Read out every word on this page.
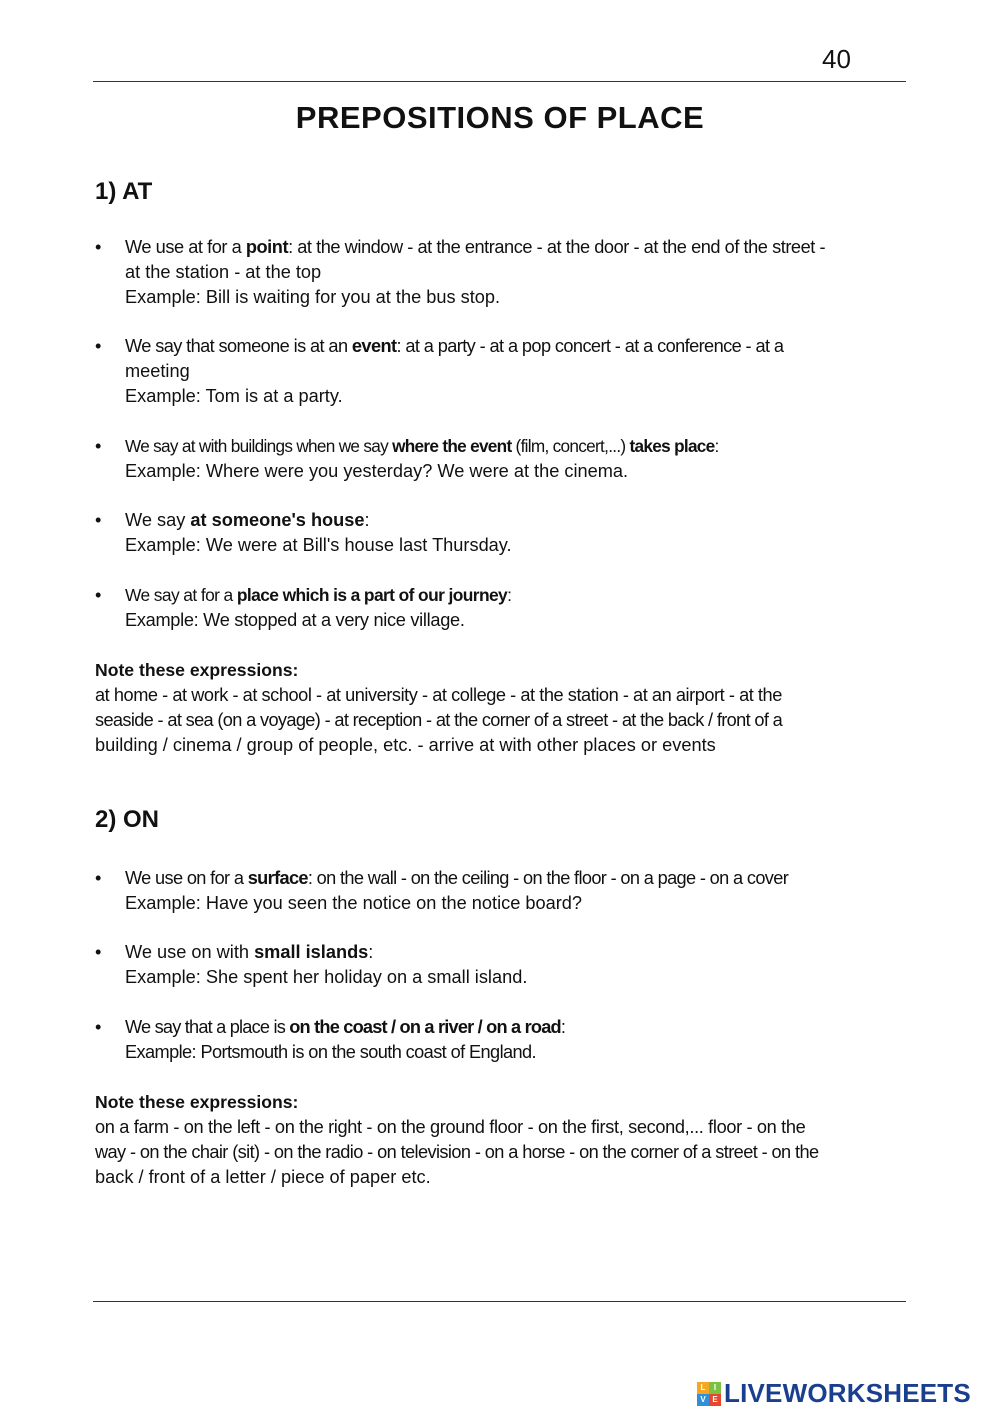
40
PREPOSITIONS OF PLACE
1) AT
•	We use at for a point: at the window - at the entrance - at the door - at the end of the street -
at the station - at the top
Example: Bill is waiting for you at the bus stop.
•	We say that someone is at an event: at a party - at a pop concert - at a conference - at a
meeting
Example: Tom is at a party.
•	We say at with buildings when we say where the event (film, concert,...) takes place:
Example: Where were you yesterday? We were at the cinema.
•	We say at someone's house:
Example: We were at Bill's house last Thursday.
•	We say at for a place which is a part of our journey:
Example: We stopped at a very nice village.
Note these expressions:
at home - at work - at school - at university - at college - at the station - at an airport - at the
seaside - at sea (on a voyage) - at reception - at the corner of a street - at the back / front of a
building / cinema / group of people, etc. - arrive at with other places or events
2) ON
•	We use on for a surface: on the wall - on the ceiling - on the floor - on a page - on a cover
Example: Have you seen the notice on the notice board?
•	We use on with small islands:
Example: She spent her holiday on a small island.
•	We say that a place is on the coast / on a river / on a road:
Example: Portsmouth is on the south coast of England.
Note these expressions:
on a farm - on the left - on the right - on the ground floor - on the first, second,... floor - on the
way - on the chair (sit) - on the radio - on television - on a horse - on the corner of a street - on the
back / front of a letter / piece of paper etc.
L	I
V E LIVEWORKSHEETS
